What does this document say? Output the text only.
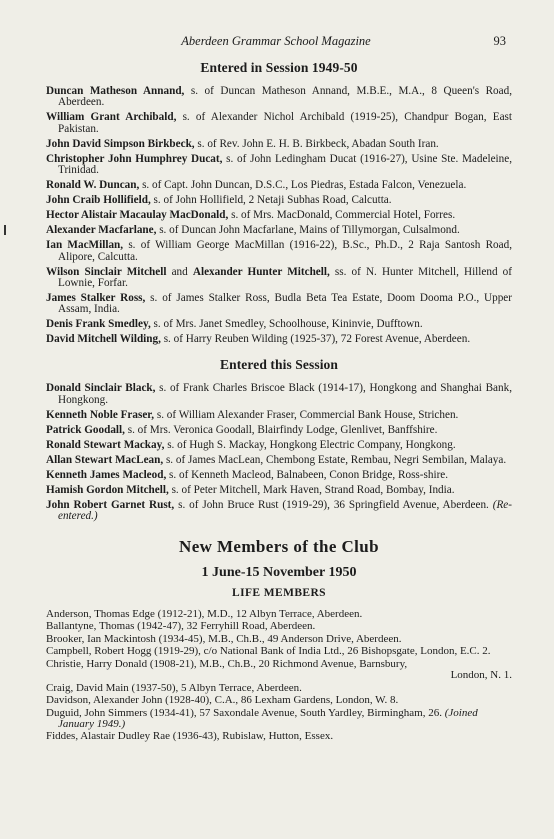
Aberdeen Grammar School Magazine	93
Entered in Session 1949-50
Duncan Matheson Annand, s. of Duncan Matheson Annand, M.B.E., M.A., 8 Queen's Road, Aberdeen.
William Grant Archibald, s. of Alexander Nichol Archibald (1919-25), Chandpur Bogan, East Pakistan.
John David Simpson Birkbeck, s. of Rev. John E. H. B. Birkbeck, Abadan South Iran.
Christopher John Humphrey Ducat, s. of John Ledingham Ducat (1916-27), Usine Ste. Madeleine, Trinidad.
Ronald W. Duncan, s. of Capt. John Duncan, D.S.C., Los Piedras, Estada Falcon, Venezuela.
John Craib Hollifield, s. of John Hollifield, 2 Netaji Subhas Road, Calcutta.
Hector Alistair Macaulay MacDonald, s. of Mrs. MacDonald, Commercial Hotel, Forres.
Alexander Macfarlane, s. of Duncan John Macfarlane, Mains of Tillymorgan, Culsalmond.
Ian MacMillan, s. of William George MacMillan (1916-22), B.Sc., Ph.D., 2 Raja Santosh Road, Alipore, Calcutta.
Wilson Sinclair Mitchell and Alexander Hunter Mitchell, ss. of N. Hunter Mitchell, Hillend of Lownie, Forfar.
James Stalker Ross, s. of James Stalker Ross, Budla Beta Tea Estate, Doom Dooma P.O., Upper Assam, India.
Denis Frank Smedley, s. of Mrs. Janet Smedley, Schoolhouse, Kininvie, Dufftown.
David Mitchell Wilding, s. of Harry Reuben Wilding (1925-37), 72 Forest Avenue, Aberdeen.
Entered this Session
Donald Sinclair Black, s. of Frank Charles Briscoe Black (1914-17), Hongkong and Shanghai Bank, Hongkong.
Kenneth Noble Fraser, s. of William Alexander Fraser, Commercial Bank House, Strichen.
Patrick Goodall, s. of Mrs. Veronica Goodall, Blairfindy Lodge, Glenlivet, Banffshire.
Ronald Stewart Mackay, s. of Hugh S. Mackay, Hongkong Electric Company, Hongkong.
Allan Stewart MacLean, s. of James MacLean, Chembong Estate, Rembau, Negri Sembilan, Malaya.
Kenneth James Macleod, s. of Kenneth Macleod, Balnabeen, Conon Bridge, Ross-shire.
Hamish Gordon Mitchell, s. of Peter Mitchell, Mark Haven, Strand Road, Bombay, India.
John Robert Garnet Rust, s. of John Bruce Rust (1919-29), 36 Springfield Avenue, Aberdeen. (Re-entered.)
New Members of the Club
1 June-15 November 1950
LIFE MEMBERS
Anderson, Thomas Edge (1912-21), M.D., 12 Albyn Terrace, Aberdeen.
Ballantyne, Thomas (1942-47), 32 Ferryhill Road, Aberdeen.
Brooker, Ian Mackintosh (1934-45), M.B., Ch.B., 49 Anderson Drive, Aberdeen.
Campbell, Robert Hogg (1919-29), c/o National Bank of India Ltd., 26 Bishopsgate, London, E.C. 2.
Christie, Harry Donald (1908-21), M.B., Ch.B., 20 Richmond Avenue, Barnsbury,
London, N. 1.
Craig, David Main (1937-50), 5 Albyn Terrace, Aberdeen.
Davidson, Alexander John (1928-40), C.A., 86 Lexham Gardens, London, W. 8.
Duguid, John Simmers (1934-41), 57 Saxondale Avenue, South Yardley, Birmingham, 26. (Joined January 1949.)
Fiddes, Alastair Dudley Rae (1936-43), Rubislaw, Hutton, Essex.
